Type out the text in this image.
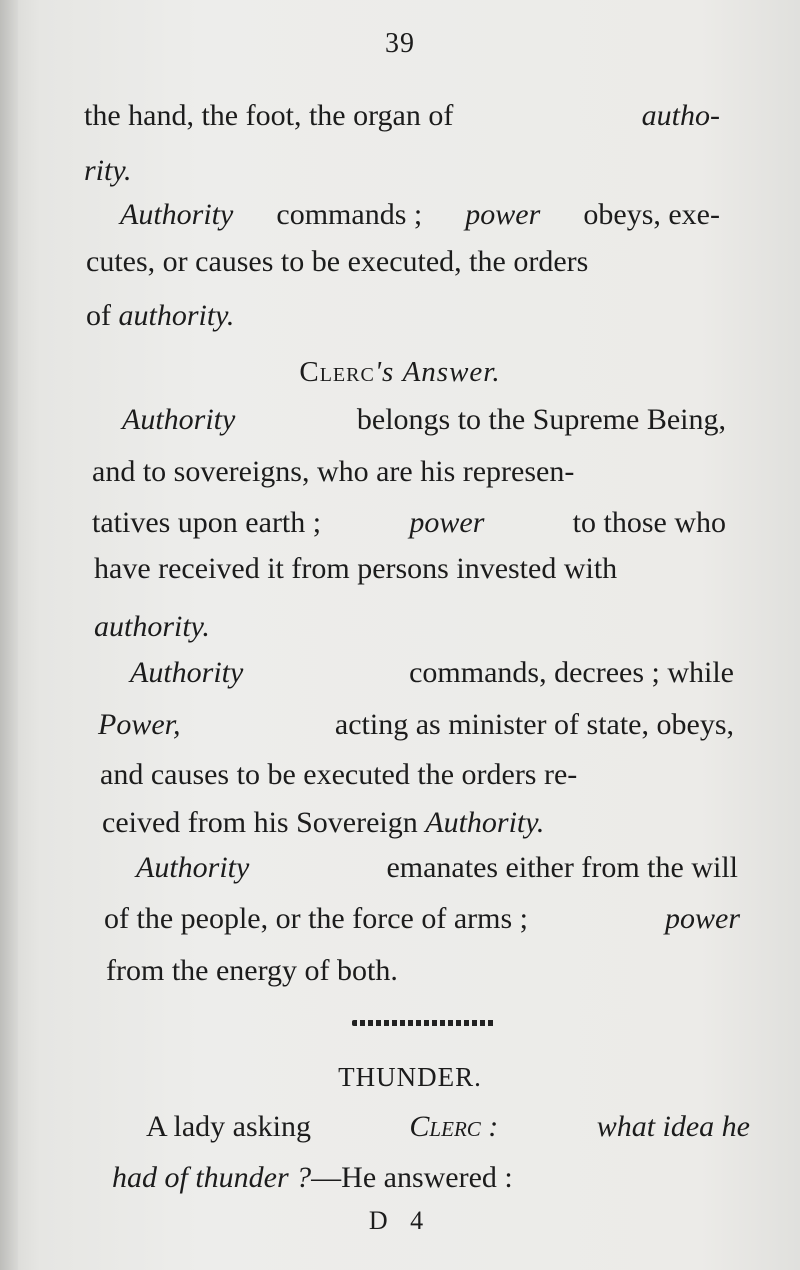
39
the hand, the foot, the organ of	autho-
rity.
Authority commands ; power obeys, exe-
cutes, or causes to be executed, the orders
of authority.
Clerc's Answer.
Authority	belongs to the Supreme Being,
and to sovereigns, who are his represen-
tatives upon earth ;	power	to those who
have received it from persons invested with
authority.
Authority	commands, decrees ; while
Power,	acting as minister of state, obeys,
and causes to be executed the orders re-
ceived from his Sovereign Authority.
Authority	emanates either from the will
of the people, or the force of arms ;	power
from the energy of both.
THUNDER.
A lady asking	Clerc :	what idea he
had of thunder ?—He answered :
D 4
